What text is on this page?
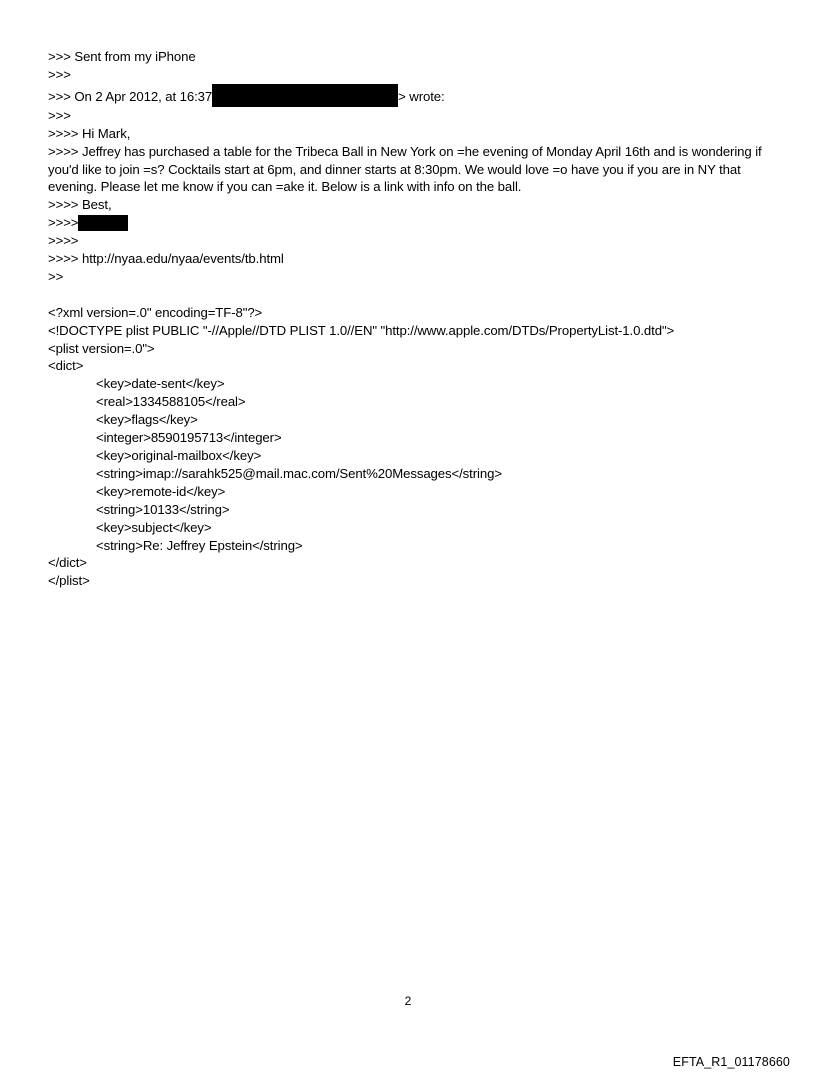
>>> Sent from my iPhone
>>>
>>> On 2 Apr 2012, at 16:37	> wrote:
>>>
>>>> Hi Mark,
>>>> Jeffrey has purchased a table for the Tribeca Ball in New York on =he evening of Monday April 16th and is wondering if you'd like to join =s? Cocktails start at 6pm, and dinner starts at 8:30pm. We would love =o have you if you are in NY that evening. Please let me know if you can =ake it. Below is a link with info on the ball.
>>>> Best,
>>>>
>>>>
>>>> http://nyaa.edu/nyaa/events/tb.html
>>
<?xml version=.0" encoding=TF-8"?>
<!DOCTYPE plist PUBLIC "-//Apple//DTD PLIST 1.0//EN" "http://www.apple.com/DTDs/PropertyList-1.0.dtd">
<plist version=.0">
<dict>
<key>date-sent</key>
<real>1334588105</real>
<key>flags</key>
<integer>8590195713</integer>
<key>original-mailbox</key>
<string>imap://sarahk525@mail.mac.com/Sent%20Messages</string>
<key>remote-id</key>
<string>10133</string>
<key>subject</key>
<string>Re: Jeffrey Epstein</string>
</dict>
</plist>
2
EFTA_R1_01178660
